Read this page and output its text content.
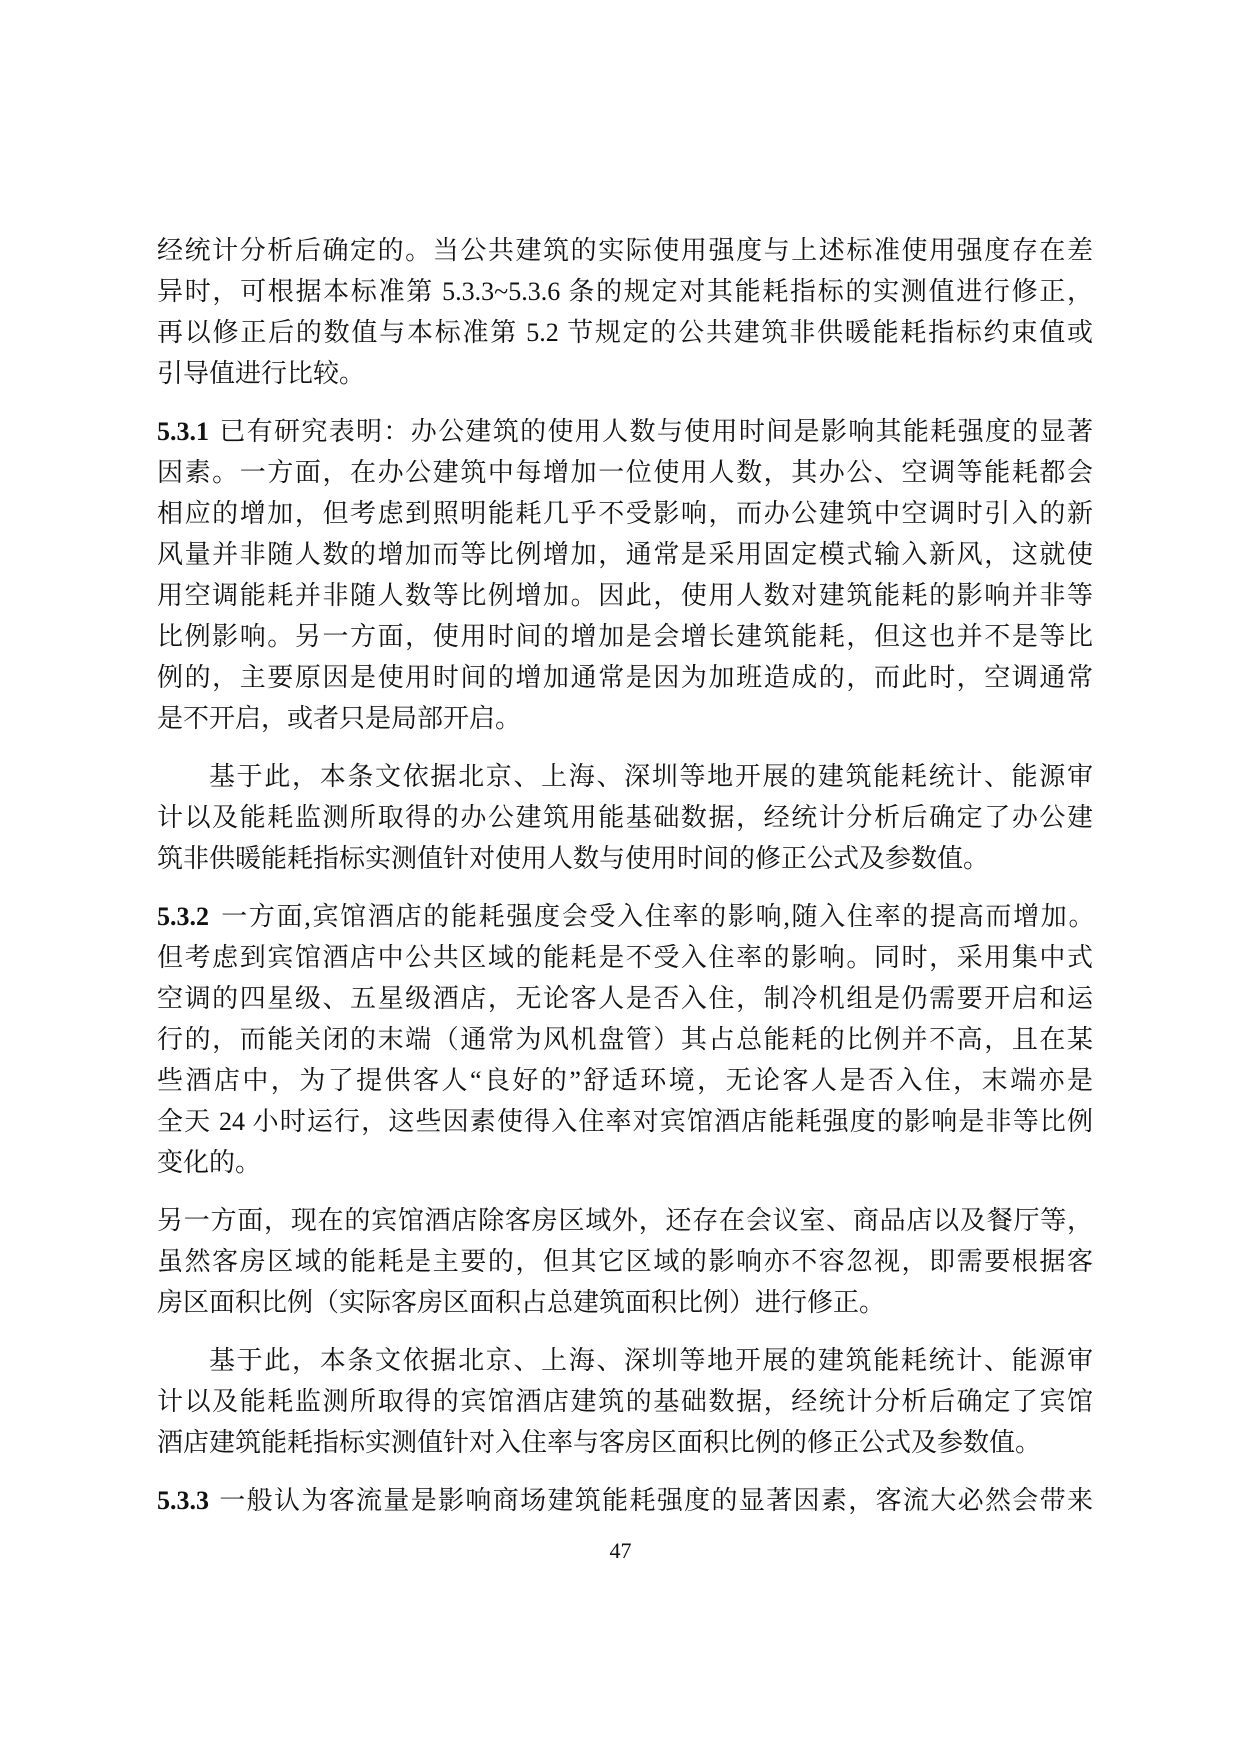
经统计分析后确定的。当公共建筑的实际使用强度与上述标准使用强度存在差
异时，可根据本标准第 5.3.3~5.3.6 条的规定对其能耗指标的实测值进行修正，
再以修正后的数值与本标准第 5.2 节规定的公共建筑非供暖能耗指标约束值或
引导值进行比较。
5.3.1 已有研究表明：办公建筑的使用人数与使用时间是影响其能耗强度的显著
因素。一方面，在办公建筑中每增加一位使用人数，其办公、空调等能耗都会
相应的增加，但考虑到照明能耗几乎不受影响，而办公建筑中空调时引入的新
风量并非随人数的增加而等比例增加，通常是采用固定模式输入新风，这就使
用空调能耗并非随人数等比例增加。因此，使用人数对建筑能耗的影响并非等
比例影响。另一方面，使用时间的增加是会增长建筑能耗，但这也并不是等比
例的，主要原因是使用时间的增加通常是因为加班造成的，而此时，空调通常
是不开启，或者只是局部开启。
基于此，本条文依据北京、上海、深圳等地开展的建筑能耗统计、能源审
计以及能耗监测所取得的办公建筑用能基础数据，经统计分析后确定了办公建
筑非供暖能耗指标实测值针对使用人数与使用时间的修正公式及参数值。
5.3.2 一方面,宾馆酒店的能耗强度会受入住率的影响,随入住率的提高而增加。
但考虑到宾馆酒店中公共区域的能耗是不受入住率的影响。同时，采用集中式
空调的四星级、五星级酒店，无论客人是否入住，制冷机组是仍需要开启和运
行的，而能关闭的末端（通常为风机盘管）其占总能耗的比例并不高，且在某
些酒店中，为了提供客人“良好的”舒适环境，无论客人是否入住，末端亦是
全天 24 小时运行，这些因素使得入住率对宾馆酒店能耗强度的影响是非等比例
变化的。
另一方面，现在的宾馆酒店除客房区域外，还存在会议室、商品店以及餐厅等，
虽然客房区域的能耗是主要的，但其它区域的影响亦不容忽视，即需要根据客
房区面积比例（实际客房区面积占总建筑面积比例）进行修正。
基于此，本条文依据北京、上海、深圳等地开展的建筑能耗统计、能源审
计以及能耗监测所取得的宾馆酒店建筑的基础数据，经统计分析后确定了宾馆
酒店建筑能耗指标实测值针对入住率与客房区面积比例的修正公式及参数值。
5.3.3 一般认为客流量是影响商场建筑能耗强度的显著因素，客流大必然会带来
47
